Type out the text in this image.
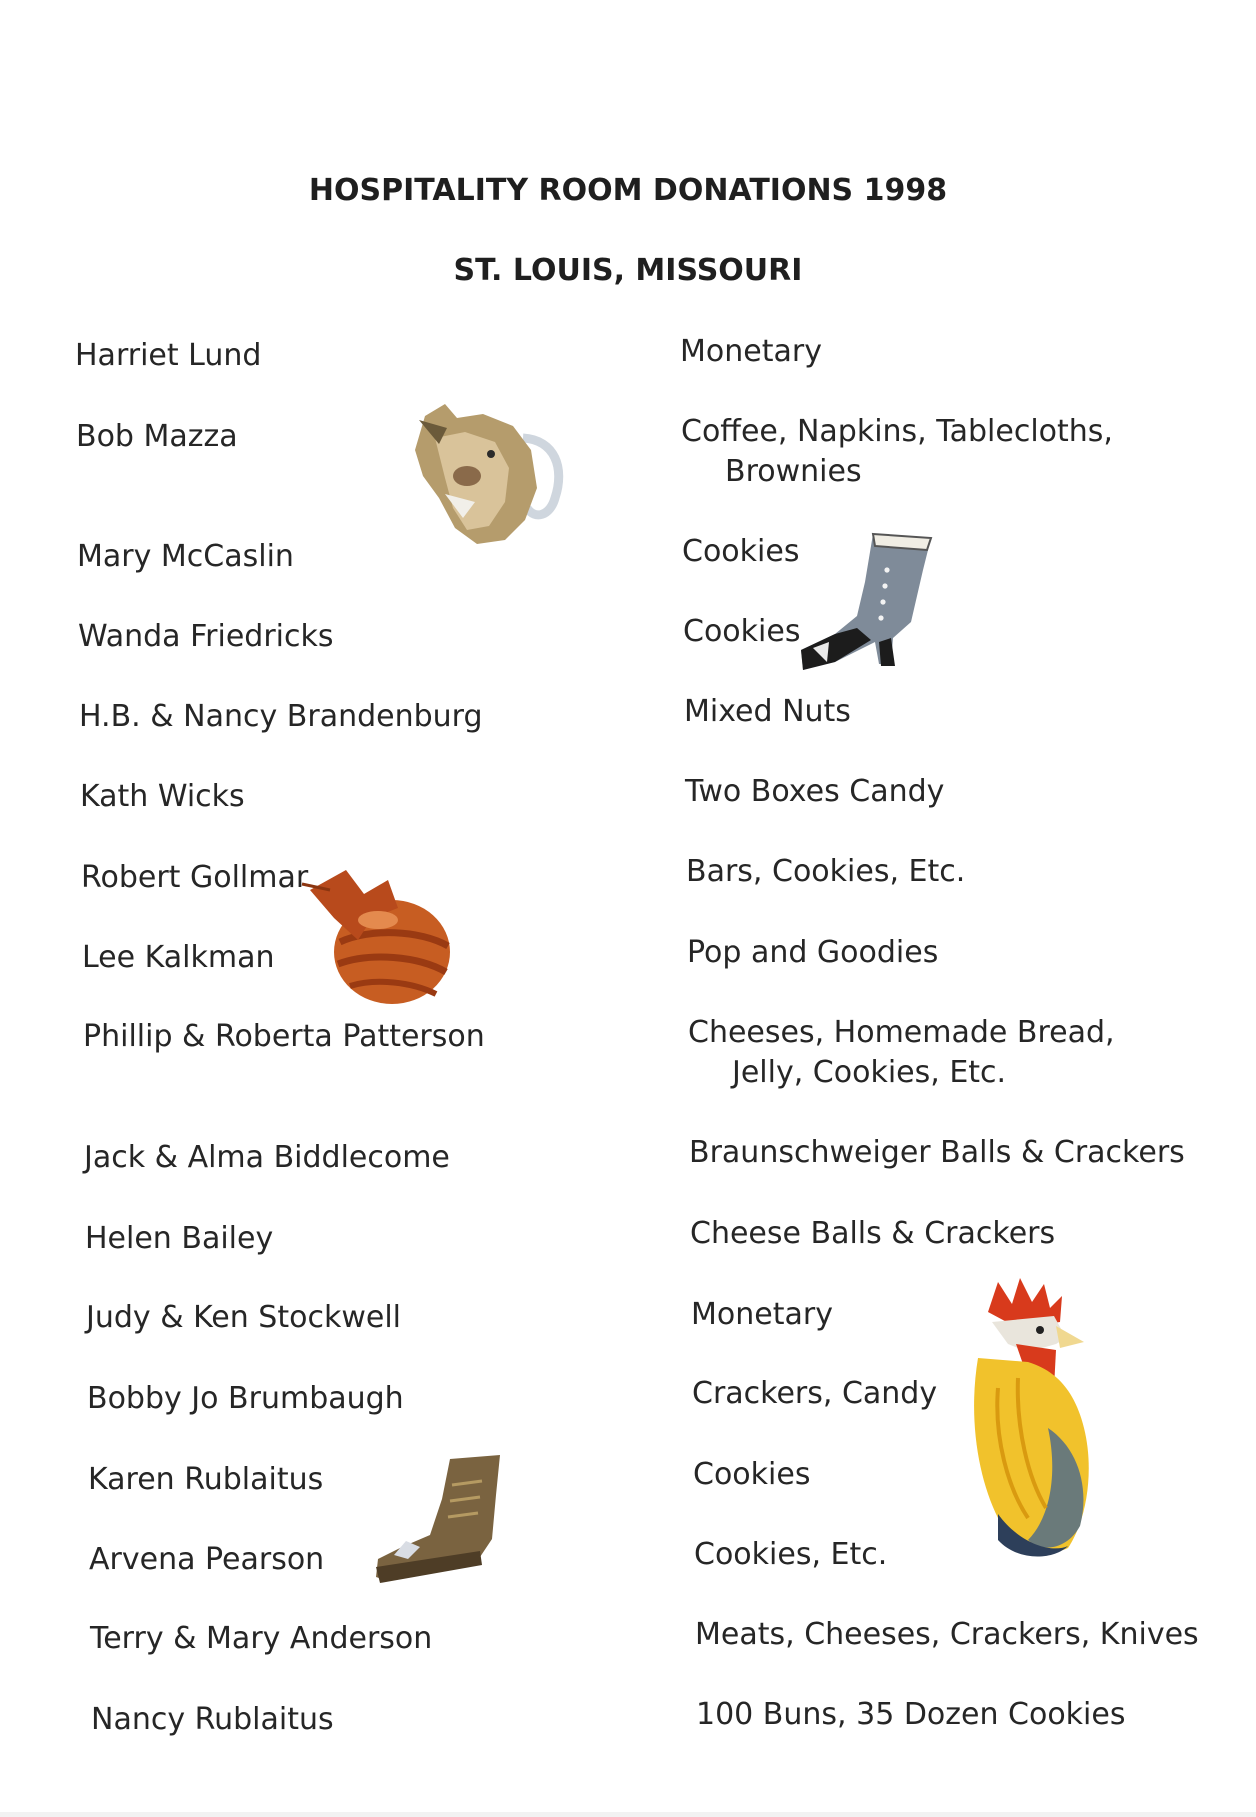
HOSPITALITY ROOM DONATIONS 1998
ST. LOUIS, MISSOURI
Harriet Lund
Bob Mazza
Mary McCaslin
Wanda Friedricks
H.B. & Nancy Brandenburg
Kath Wicks
Robert Gollmar
Lee Kalkman
Phillip & Roberta Patterson
Jack & Alma Biddlecome
Helen Bailey
Judy & Ken Stockwell
Bobby Jo Brumbaugh
Karen Rublaitus
Arvena Pearson
Terry & Mary Anderson
Nancy Rublaitus
Monetary
Coffee, Napkins, Tablecloths,
Brownies
Cookies
Cookies
Mixed Nuts
Two Boxes Candy
Bars, Cookies, Etc.
Pop and Goodies
Cheeses, Homemade Bread,
Jelly, Cookies, Etc.
Braunschweiger Balls & Crackers
Cheese Balls & Crackers
Monetary
Crackers, Candy
Cookies
Cookies, Etc.
Meats, Cheeses, Crackers, Knives
100 Buns, 35 Dozen Cookies
